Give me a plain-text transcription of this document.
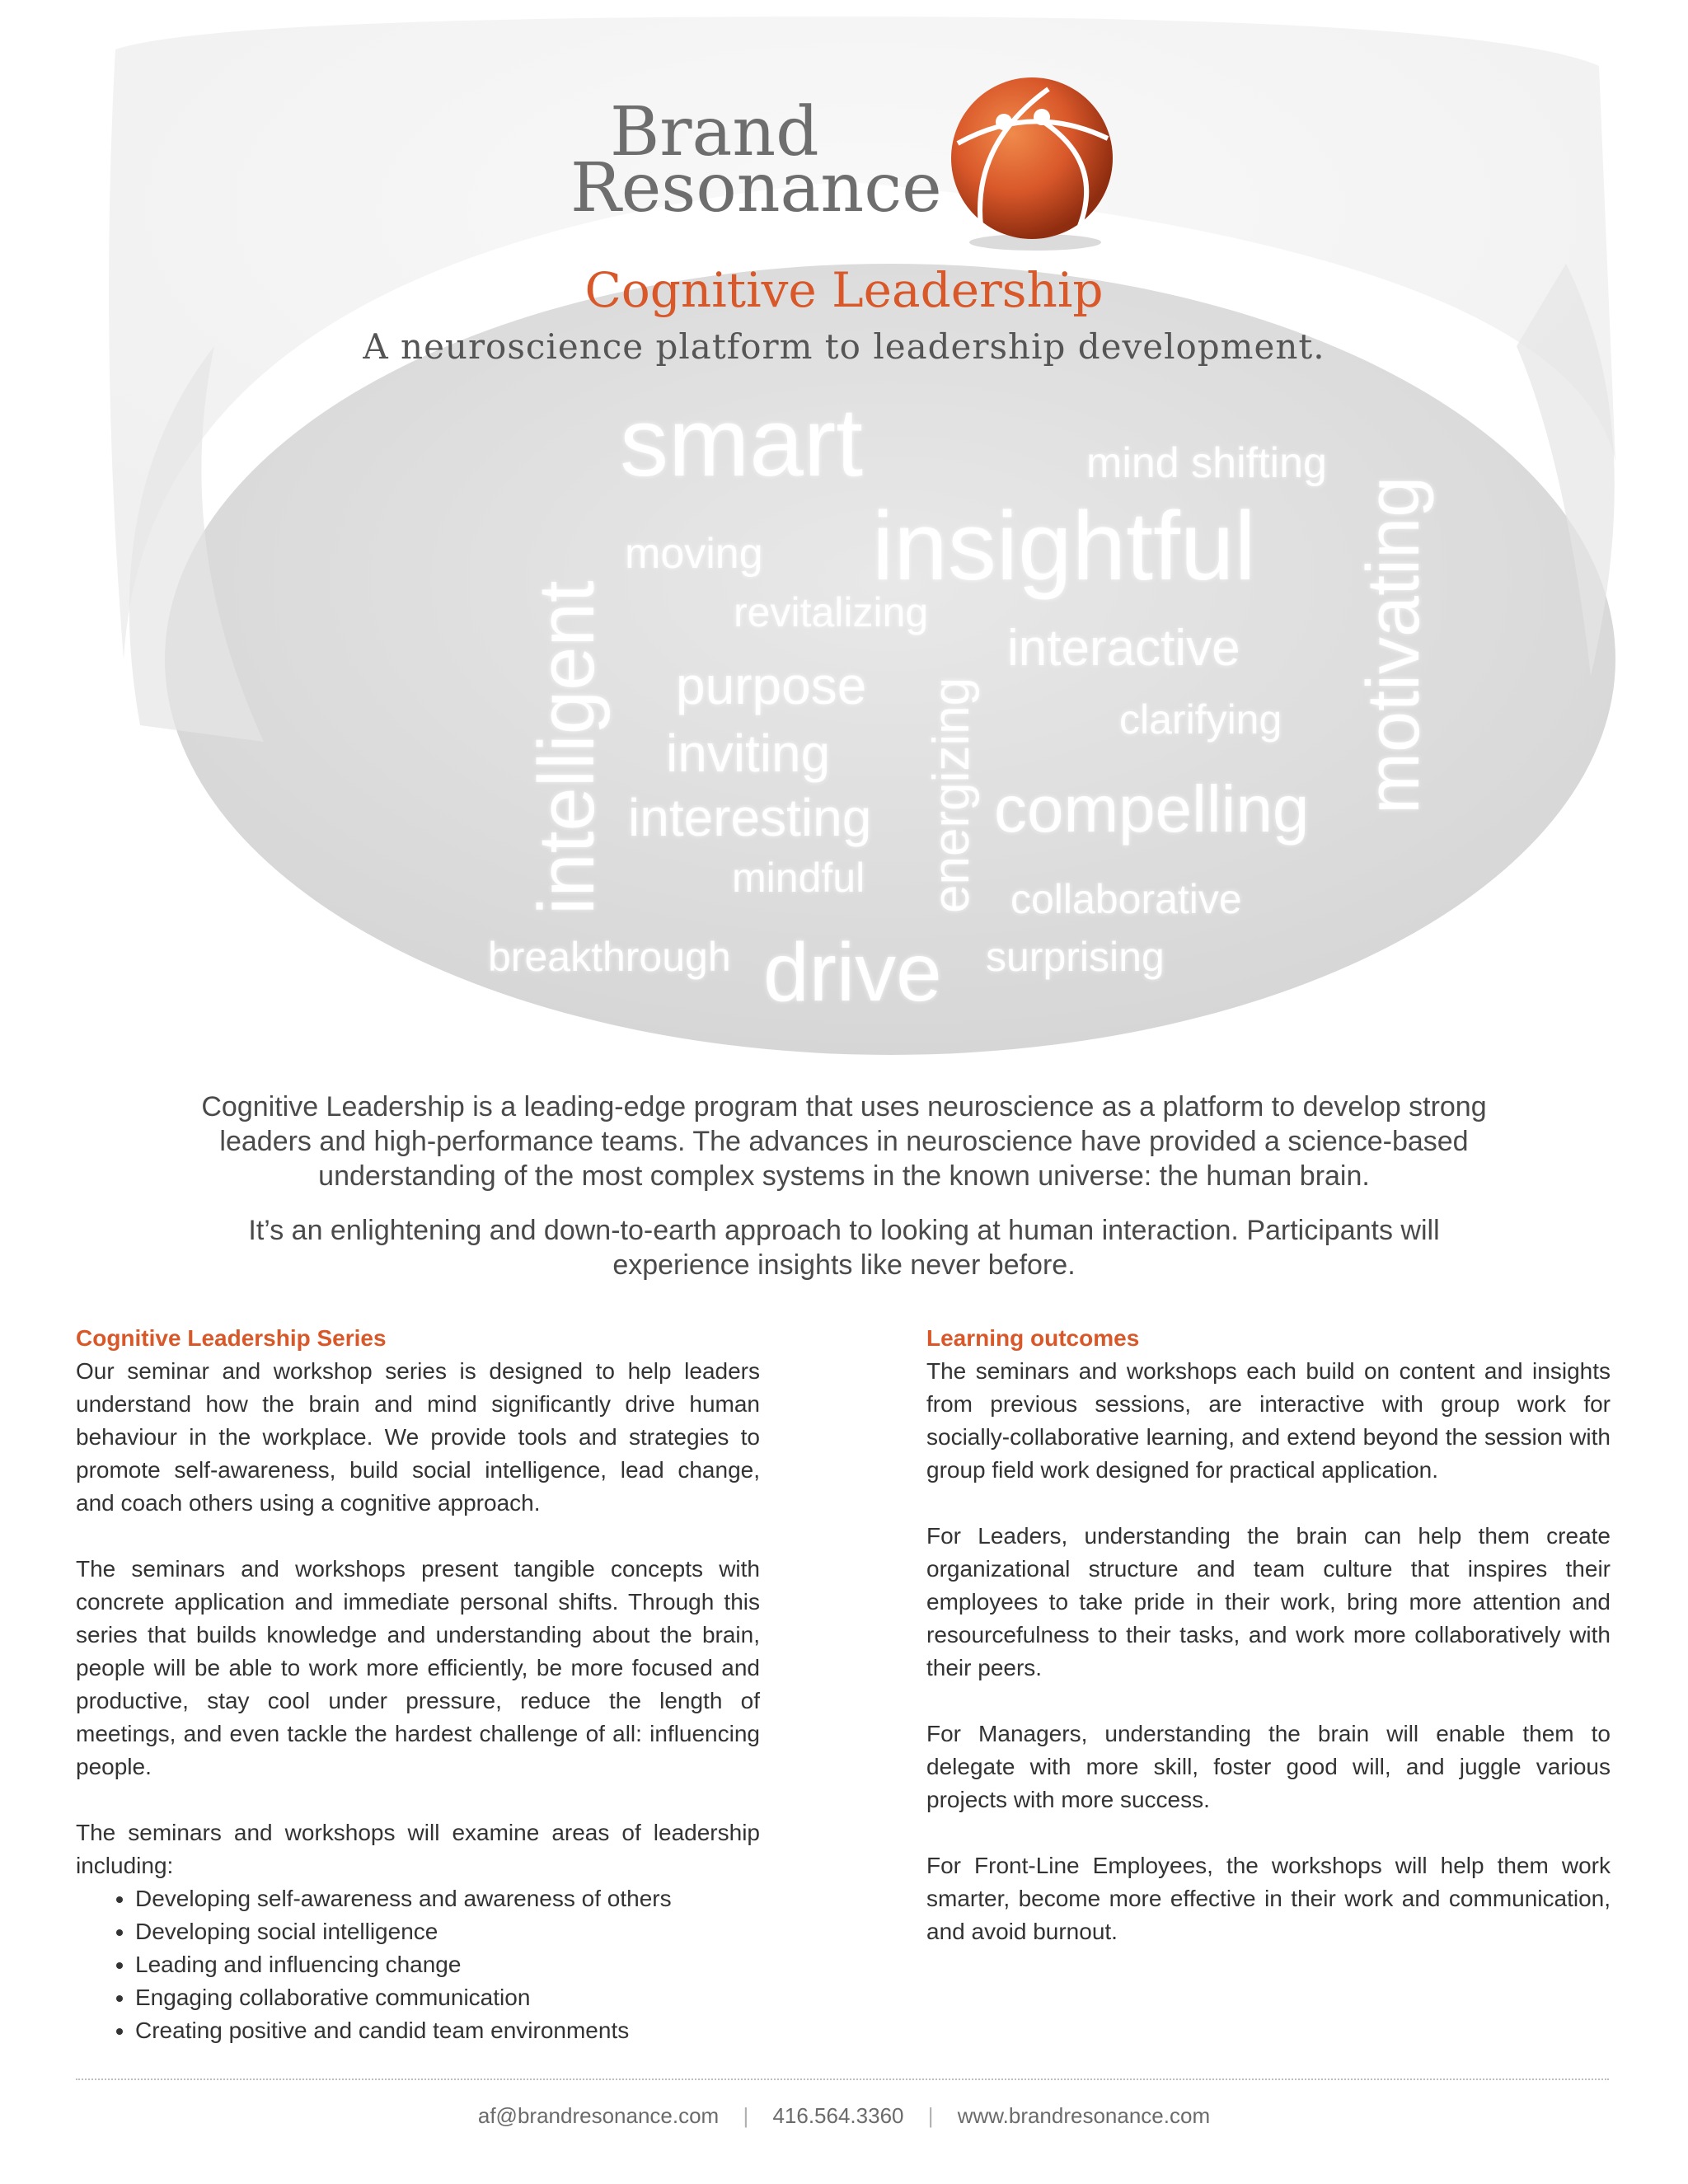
Brand
Resonance
Cognitive Leadership
A neuroscience platform to leadership development.
smart	mind shifting
moving insightful
revitalizing
interactive
purpose
clarifying
inviting
interesting compelling
mindful	collaborative
breakthrough drive surprising
intelligent	energizing	motivating
Cognitive Leadership is a leading-edge program that uses neuroscience as a platform to develop strong leaders and high-performance teams. The advances in neuroscience have provided a science-based understanding of the most complex systems in the known universe: the human brain.
It’s an enlightening and down-to-earth approach to looking at human interaction. Participants will experience insights like never before.
Cognitive Leadership Series

Our seminar and workshop series is designed to help leaders understand how the brain and mind significantly drive human behaviour in the workplace. We provide tools and strategies to promote self-awareness, build social intelligence, lead change, and coach others using a cognitive approach.

The seminars and workshops present tangible concepts with concrete application and immediate personal shifts. Through this series that builds knowledge and understanding about the brain, people will be able to work more efficiently, be more focused and productive, stay cool under pressure, reduce the length of meetings, and even tackle the hardest challenge of all: influencing people.

The seminars and workshops will examine areas of leadership including:

• Developing self-awareness and awareness of others
• Developing social intelligence
• Leading and influencing change
• Engaging collaborative communication
• Creating positive and candid team environments
Learning outcomes

The seminars and workshops each build on content and insights from previous sessions, are interactive with group work for socially-collaborative learning, and extend beyond the session with group field work designed for practical application.

For Leaders, understanding the brain can help them create organizational structure and team culture that inspires their employees to take pride in their work, bring more attention and resourcefulness to their tasks, and work more collaboratively with their peers.

For Managers, understanding the brain will enable them to delegate with more skill, foster good will, and juggle various projects with more success.

For Front-Line Employees, the workshops will help them work smarter, become more effective in their work and communication, and avoid burnout.

af@brandresonance.com | 416.564.3360 | www.brandresonance.com
